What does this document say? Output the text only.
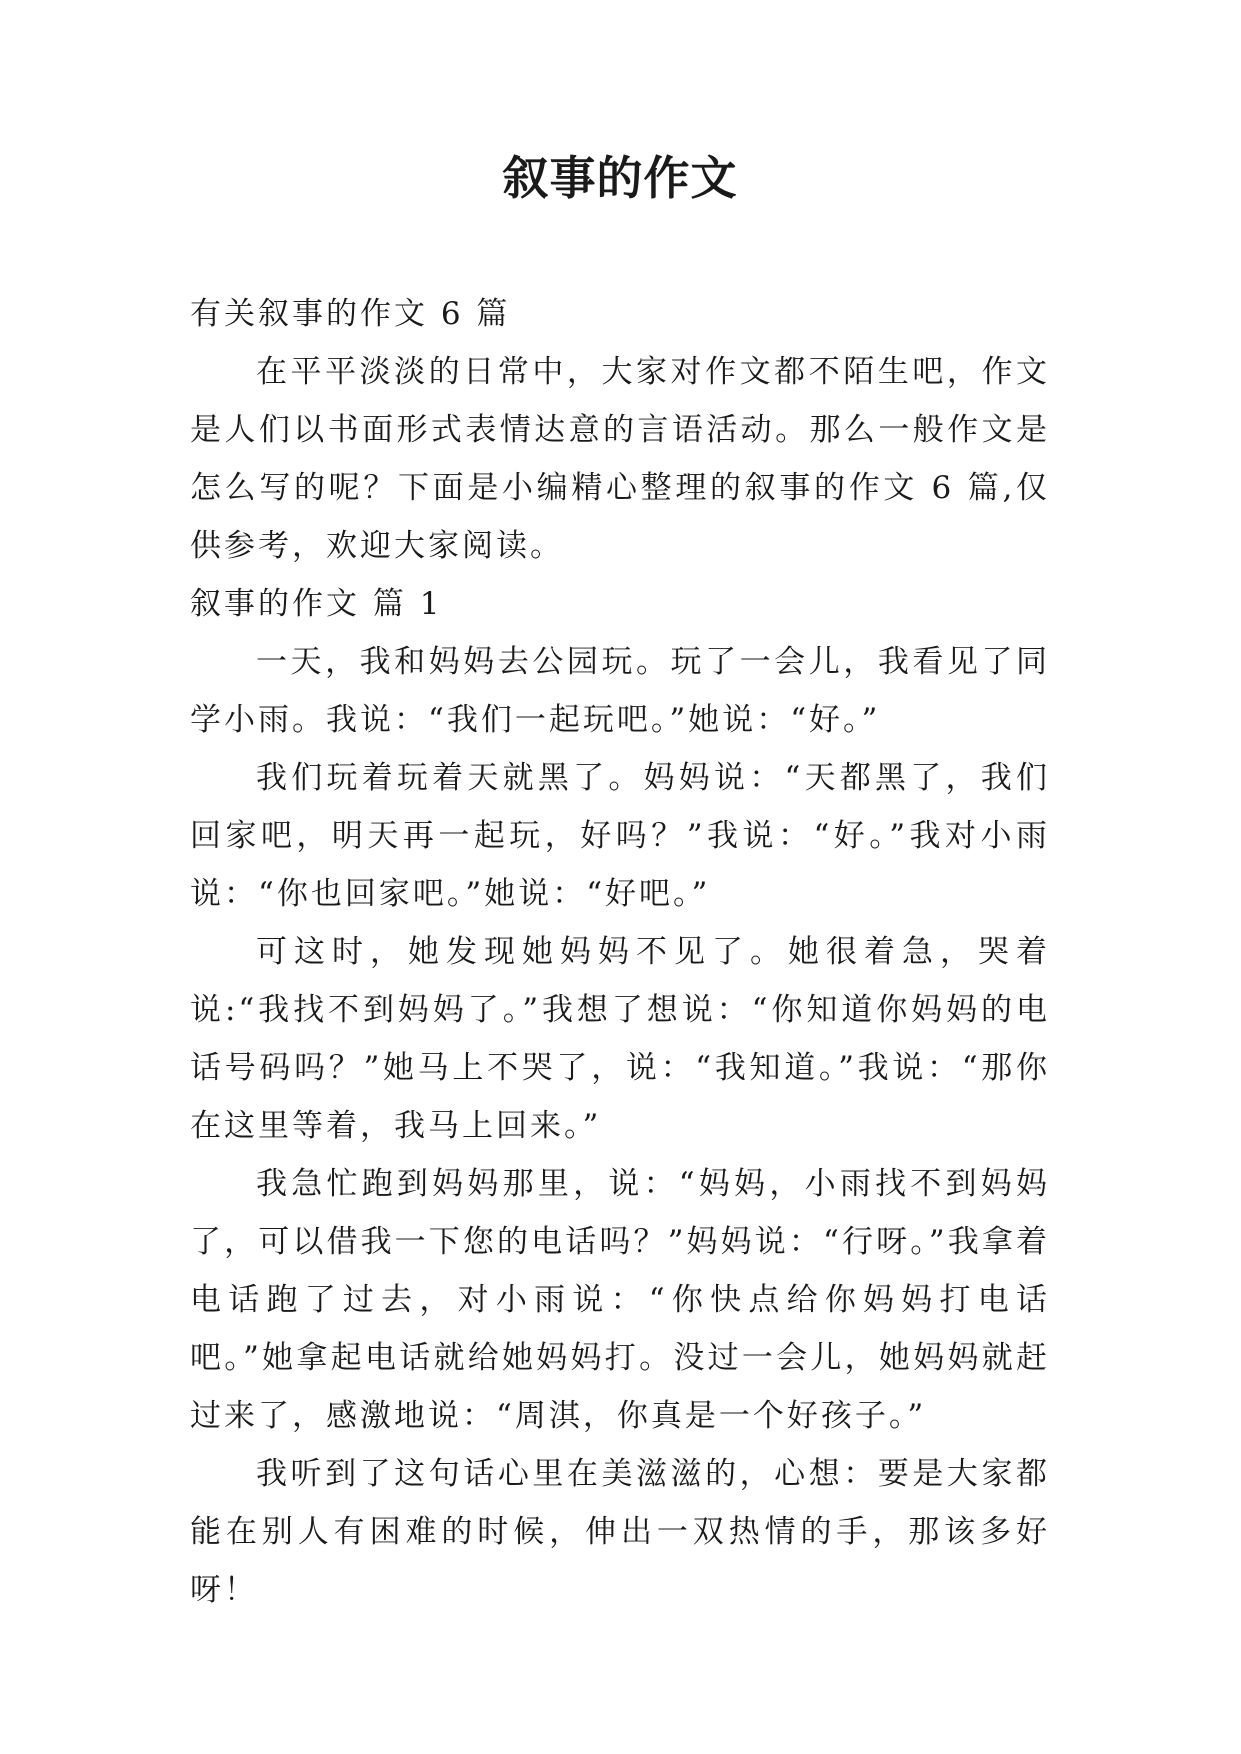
叙事的作文

有关叙事的作文 6 篇

在平平淡淡的日常中，大家对作文都不陌生吧，作文是人们以书面形式表情达意的言语活动。那么一般作文是怎么写的呢？下面是小编精心整理的叙事的作文 6 篇,仅供参考，欢迎大家阅读。

叙事的作文 篇 1

一天，我和妈妈去公园玩。玩了一会儿，我看见了同学小雨。我说：“我们一起玩吧。”她说：“好。”

我们玩着玩着天就黑了。妈妈说：“天都黑了，我们回家吧，明天再一起玩，好吗？”我说：“好。”我对小雨说：“你也回家吧。”她说：“好吧。”

可这时，她发现她妈妈不见了。她很着急，哭着说:“我找不到妈妈了。”我想了想说：“你知道你妈妈的电话号码吗？”她马上不哭了，说：“我知道。”我说：“那你在这里等着，我马上回来。”

我急忙跑到妈妈那里，说：“妈妈，小雨找不到妈妈了，可以借我一下您的电话吗？”妈妈说：“行呀。”我拿着电话跑了过去，对小雨说：“你快点给你妈妈打电话吧。”她拿起电话就给她妈妈打。没过一会儿，她妈妈就赶过来了，感激地说：“周淇，你真是一个好孩子。”

我听到了这句话心里在美滋滋的，心想：要是大家都能在别人有困难的时候，伸出一双热情的手，那该多好呀！
